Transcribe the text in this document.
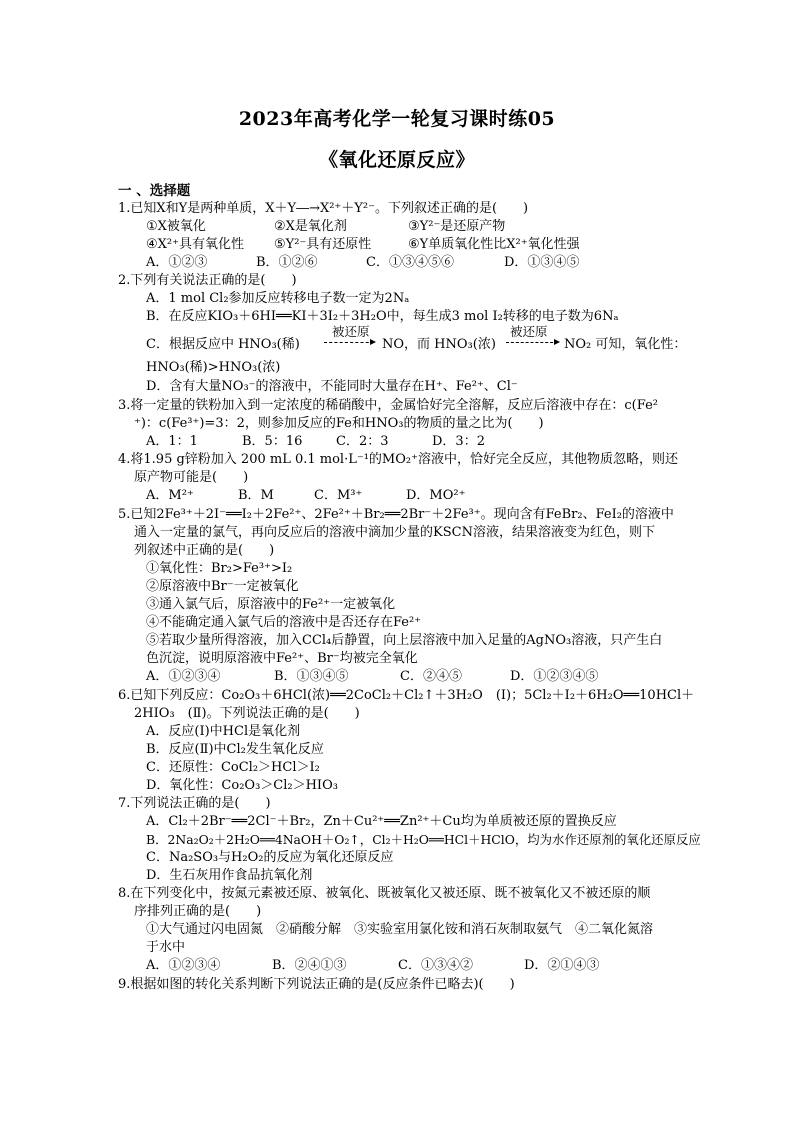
2023年高考化学一轮复习课时练05
《氧化还原反应》
一 、选择题
1.已知X和Y是两种单质，X＋Y―→X²⁺＋Y²⁻。下列叙述正确的是(　　)
①X被氧化	②X是氧化剂	③Y²⁻是还原产物
④X²⁺具有氧化性	⑤Y²⁻具有还原性	⑥Y单质氧化性比X²⁺氧化性强
A．①②③	B．①②⑥	C．①③④⑤⑥	D．①③④⑤
2.下列有关说法正确的是(　　)
A．1 mol Cl₂参加反应转移电子数一定为2Nₐ
B．在反应KIO₃＋6HI══KI＋3I₂＋3H₂O中，每生成3 mol I₂转移的电子数为6Nₐ
C．根据反应中 HNO₃(稀)
被还原
NO，而 HNO₃(浓)
被还原
NO₂ 可知，氧化性：
HNO₃(稀)>HNO₃(浓)
D．含有大量NO₃⁻的溶液中，不能同时大量存在H⁺、Fe²⁺、Cl⁻
3.将一定量的铁粉加入到一定浓度的稀硝酸中，金属恰好完全溶解，反应后溶液中存在：c(Fe²
⁺)：c(Fe³⁺)=3：2，则参加反应的Fe和HNO₃的物质的量之比为(　　)
A．1：1	B．5：16	C．2：3	D．3：2
4.将1.95 g锌粉加入 200 mL 0.1 mol·L⁻¹的MO₂⁺溶液中，恰好完全反应，其他物质忽略，则还
原产物可能是(　　)
A．M²⁺	B．M	C．M³⁺	D．MO²⁺
5.已知2Fe³⁺＋2I⁻══I₂＋2Fe²⁺、2Fe²⁺＋Br₂══2Br⁻＋2Fe³⁺。现向含有FeBr₂、FeI₂的溶液中
通入一定量的氯气，再向反应后的溶液中滴加少量的KSCN溶液，结果溶液变为红色，则下
列叙述中正确的是(　　)
①氧化性：Br₂>Fe³⁺>I₂
②原溶液中Br⁻一定被氧化
③通入氯气后，原溶液中的Fe²⁺一定被氧化
④不能确定通入氯气后的溶液中是否还存在Fe²⁺
⑤若取少量所得溶液，加入CCl₄后静置，向上层溶液中加入足量的AgNO₃溶液，只产生白
色沉淀，说明原溶液中Fe²⁺、Br⁻均被完全氧化
A．①②③④	B．①③④⑤	C．②④⑤	D．①②③④⑤
6.已知下列反应：Co₂O₃＋6HCl(浓)══2CoCl₂＋Cl₂↑＋3H₂O　(Ⅰ)；5Cl₂＋I₂＋6H₂O══10HCl＋
2HIO₃　(Ⅱ)。下列说法正确的是(　　)
A．反应(Ⅰ)中HCl是氧化剂
B．反应(Ⅱ)中Cl₂发生氧化反应
C．还原性：CoCl₂＞HCl＞I₂
D．氧化性：Co₂O₃＞Cl₂＞HIO₃
7.下列说法正确的是(　　)
A．Cl₂＋2Br⁻══2Cl⁻＋Br₂，Zn＋Cu²⁺══Zn²⁺＋Cu均为单质被还原的置换反应
B．2Na₂O₂＋2H₂O══4NaOH＋O₂↑，Cl₂＋H₂O══HCl＋HClO，均为水作还原剂的氧化还原反应
C．Na₂SO₃与H₂O₂的反应为氧化还原反应
D．生石灰用作食品抗氧化剂
8.在下列变化中，按氮元素被还原、被氧化、既被氧化又被还原、既不被氧化又不被还原的顺
序排列正确的是(　　)
①大气通过闪电固氮　②硝酸分解　③实验室用氯化铵和消石灰制取氨气　④二氧化氮溶
于水中
A．①②③④	B．②④①③	C．①③④②	D．②①④③
9.根据如图的转化关系判断下列说法正确的是(反应条件已略去)(　　)
